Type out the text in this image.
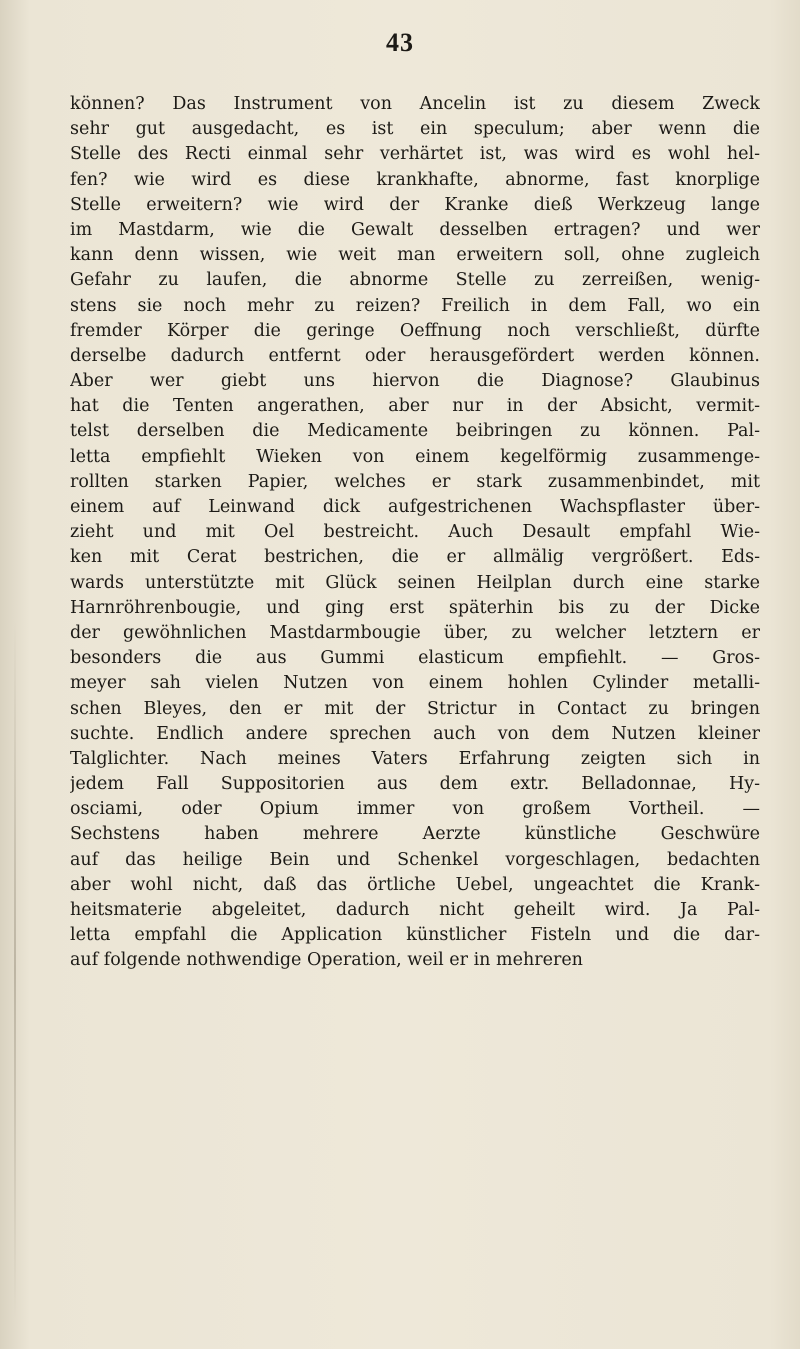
43
können? Das Instrument von Ancelin ist zu diesem Zweck
sehr gut ausgedacht, es ist ein speculum; aber wenn die
Stelle des Recti einmal sehr verhärtet ist, was wird es wohl hel-
fen? wie wird es diese krankhafte, abnorme, fast knorplige
Stelle erweitern? wie wird der Kranke dieß Werkzeug lange
im Mastdarm, wie die Gewalt desselben ertragen? und wer
kann denn wissen, wie weit man erweitern soll, ohne zugleich
Gefahr zu laufen, die abnorme Stelle zu zerreißen, wenig-
stens sie noch mehr zu reizen? Freilich in dem Fall, wo ein
fremder Körper die geringe Oeffnung noch verschließt, dürfte
derselbe dadurch entfernt oder herausgefördert werden können.
Aber wer giebt uns hiervon die Diagnose? Glaubinus
hat die Tenten angerathen, aber nur in der Absicht, vermit-
telst derselben die Medicamente beibringen zu können. Pal-
letta empfiehlt Wieken von einem kegelförmig zusammenge-
rollten starken Papier, welches er stark zusammenbindet, mit
einem auf Leinwand dick aufgestrichenen Wachspflaster über-
zieht und mit Oel bestreicht. Auch Desault empfahl Wie-
ken mit Cerat bestrichen, die er allmälig vergrößert. Eds-
wards unterstützte mit Glück seinen Heilplan durch eine starke
Harnröhrenbougie, und ging erst späterhin bis zu der Dicke
der gewöhnlichen Mastdarmbougie über, zu welcher letztern er
besonders die aus Gummi elasticum empfiehlt. — Gros-
meyer sah vielen Nutzen von einem hohlen Cylinder metalli-
schen Bleyes, den er mit der Strictur in Contact zu bringen
suchte. Endlich andere sprechen auch von dem Nutzen kleiner
Talglichter. Nach meines Vaters Erfahrung zeigten sich in
jedem Fall Suppositorien aus dem extr. Belladonnae, Hy-
osciami, oder Opium immer von großem Vortheil. —
Sechstens haben mehrere Aerzte künstliche Geschwüre
auf das heilige Bein und Schenkel vorgeschlagen, bedachten
aber wohl nicht, daß das örtliche Uebel, ungeachtet die Krank-
heitsmaterie abgeleitet, dadurch nicht geheilt wird. Ja Pal-
letta empfahl die Application künstlicher Fisteln und die dar-
auf folgende nothwendige Operation, weil er in mehreren
